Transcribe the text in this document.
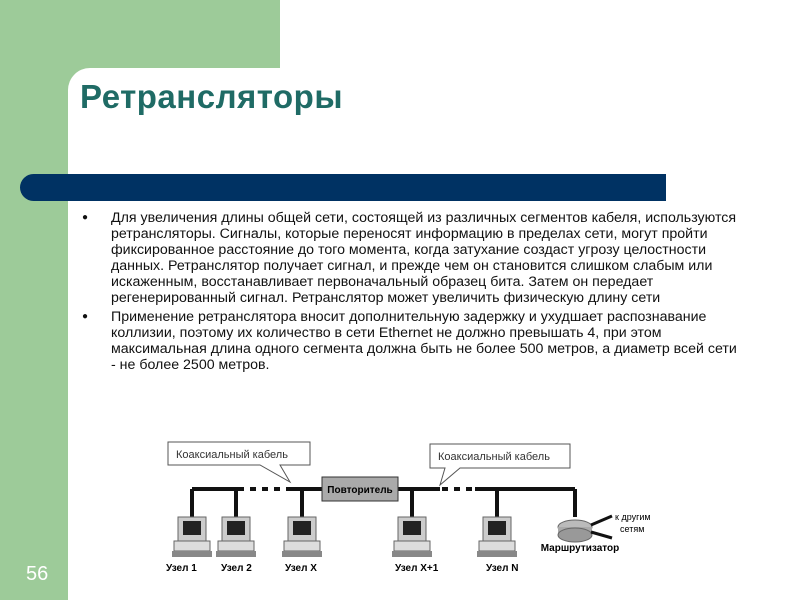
Ретрансляторы
● Для увеличения длины общей сети, состоящей из различных сегментов кабеля, используются ретрансляторы. Сигналы, которые переносят информацию в пределах сети, могут пройти фиксированное расстояние до того момента, когда затухание создаст угрозу целостности данных. Ретранслятор получает сигнал, и прежде чем он становится слишком слабым или искаженным, восстанавливает первоначальный образец бита. Затем он передает регенерированный сигнал. Ретранслятор может увеличить физическую длину сети
● Применение ретранслятора вносит дополнительную задержку и ухудшает распознавание коллизии, поэтому их количество в сети Ethernet не должно превышать 4, при этом максимальная длина одного сегмента должна быть не более 500 метров, а диаметр всей сети - не более 2500 метров.
Коаксиальный кабель	Коаксиальный кабель
Повторитель
к другим
сетям
Маршрутизатор
Узел 1 Узел 2	Узел X	Узел X+1	Узел N
56
